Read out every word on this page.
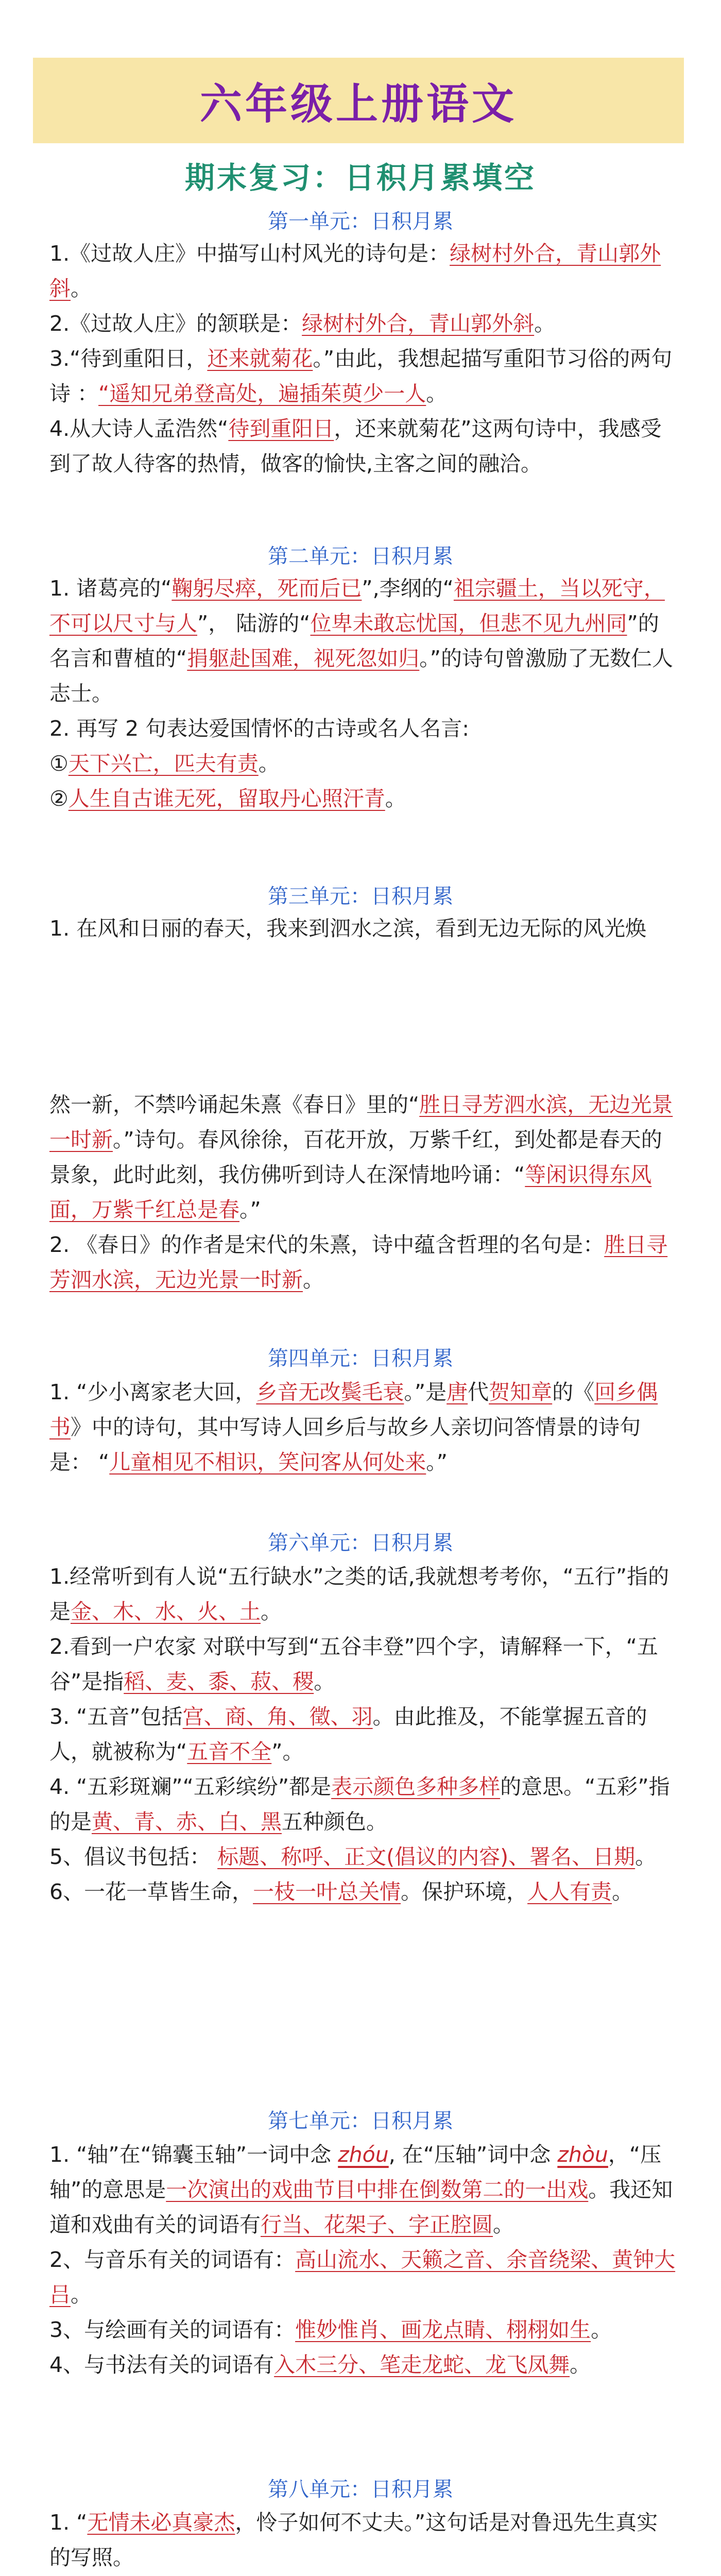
六年级上册语文
期末复习：日积月累填空
第一单元：日积月累

1.《过故人庄》中描写山村风光的诗句是：绿树村外合，青山郭外斜。

2.《过故人庄》的颔联是：绿树村外合，青山郭外斜。

3.“待到重阳日，还来就菊花。”由此，我想起描写重阳节习俗的两句诗 ：“遥知兄弟登高处，遍插茱萸少一人。

4.从大诗人孟浩然“待到重阳日，还来就菊花”这两句诗中，我感受到了故人待客的热情，做客的愉快,主客之间的融洽。

第二单元：日积月累

1. 诸葛亮的“鞠躬尽瘁，死而后已”,李纲的“祖宗疆土，当以死守，不可以尺寸与人”， 陆游的“位卑未敢忘忧国，但悲不见九州同”的名言和曹植的“捐躯赴国难，视死忽如归。”的诗句曾激励了无数仁人志士。

2. 再写 2 句表达爱国情怀的古诗或名人名言:

①天下兴亡，匹夫有责。

②人生自古谁无死，留取丹心照汗青。

第三单元：日积月累

1. 在风和日丽的春天，我来到泗水之滨，看到无边无际的风光焕

然一新，不禁吟诵起朱熹《春日》里的“胜日寻芳泗水滨，无边光景一时新。”诗句。春风徐徐，百花开放，万紫千红，到处都是春天的景象，此时此刻，我仿佛听到诗人在深情地吟诵：“等闲识得东风面，万紫千红总是春。”

2. 《春日》的作者是宋代的朱熹，诗中蕴含哲理的名句是：胜日寻芳泗水滨，无边光景一时新。

第四单元：日积月累

1. “少小离家老大回，乡音无改鬓毛衰。”是唐代贺知章的《回乡偶书》中的诗句，其中写诗人回乡后与故乡人亲切问答情景的诗句是： “儿童相见不相识，笑问客从何处来。”

第六单元：日积月累

1.经常听到有人说“五行缺水”之类的话,我就想考考你，“五行”指的是金、木、水、火、土。

2.看到一户农家 对联中写到“五谷丰登”四个字，请解释一下，“五谷”是指稻、麦、黍、菽、稷。

3. “五音”包括宫、商、角、徵、羽。由此推及，不能掌握五音的人，就被称为“五音不全”。

4. “五彩斑斓”“五彩缤纷”都是表示颜色多种多样的意思。“五彩”指的是黄、青、赤、白、黑五种颜色。

5、倡议书包括： 标题、称呼、正文(倡议的内容)、署名、日期。

6、一花一草皆生命，一枝一叶总关情。保护环境，人人有责。

第七单元：日积月累

1. “轴”在“锦囊玉轴”一词中念 zhóu, 在“压轴”词中念 zhòu，“压轴”的意思是一次演出的戏曲节目中排在倒数第二的一出戏。我还知道和戏曲有关的词语有行当、花架子、字正腔圆。

2、与音乐有关的词语有：高山流水、天籁之音、余音绕梁、黄钟大吕。

3、与绘画有关的词语有：惟妙惟肖、画龙点睛、栩栩如生。

4、与书法有关的词语有入木三分、笔走龙蛇、龙飞凤舞。

第八单元：日积月累

1. “无情未必真豪杰，怜子如何不丈夫。”这句话是对鲁迅先生真实的写照。
